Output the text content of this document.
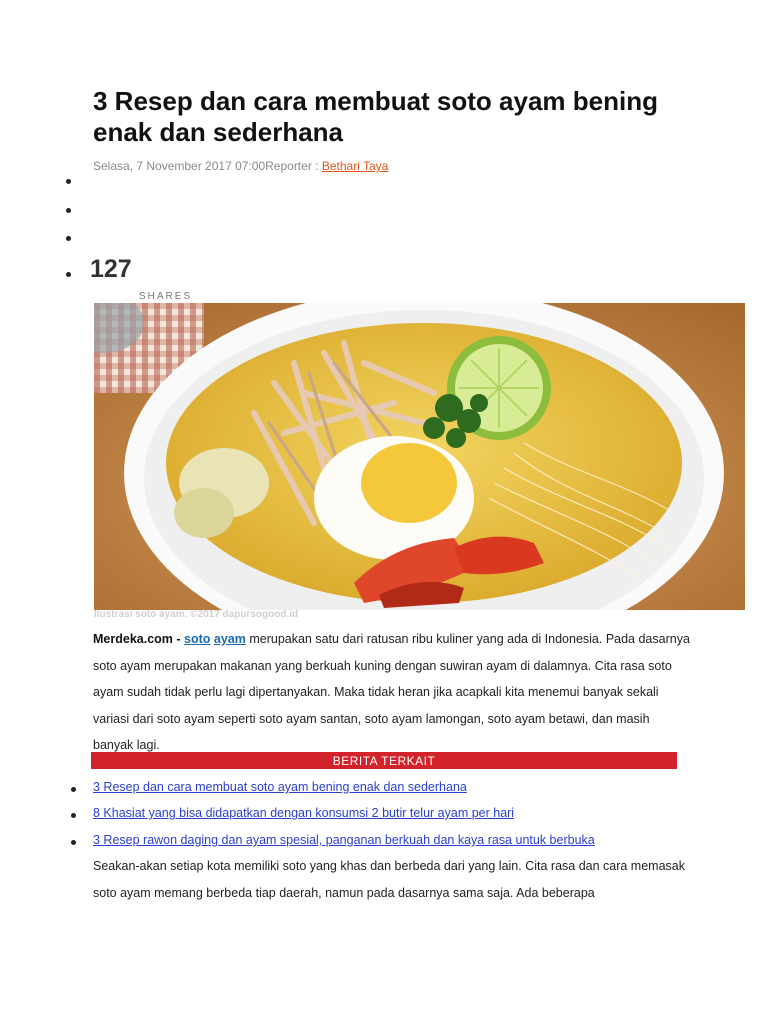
3 Resep dan cara membuat soto ayam bening enak dan sederhana
Selasa, 7 November 2017 07:00Reporter : Bethari Taya
127
SHARES
Ilustrasi soto ayam. ©2017 dapursogood.id
Merdeka.com - soto ayam merupakan satu dari ratusan ribu kuliner yang ada di Indonesia. Pada dasarnya soto ayam merupakan makanan yang berkuah kuning dengan suwiran ayam di dalamnya. Cita rasa soto ayam sudah tidak perlu lagi dipertanyakan. Maka tidak heran jika acapkali kita menemui banyak sekali variasi dari soto ayam seperti soto ayam santan, soto ayam lamongan, soto ayam betawi, dan masih banyak lagi.
BERITA TERKAIT
3 Resep dan cara membuat soto ayam bening enak dan sederhana
8 Khasiat yang bisa didapatkan dengan konsumsi 2 butir telur ayam per hari
3 Resep rawon daging dan ayam spesial, panganan berkuah dan kaya rasa untuk berbuka
Seakan-akan setiap kota memiliki soto yang khas dan berbeda dari yang lain. Cita rasa dan cara memasak soto ayam memang berbeda tiap daerah, namun pada dasarnya sama saja. Ada beberapa
